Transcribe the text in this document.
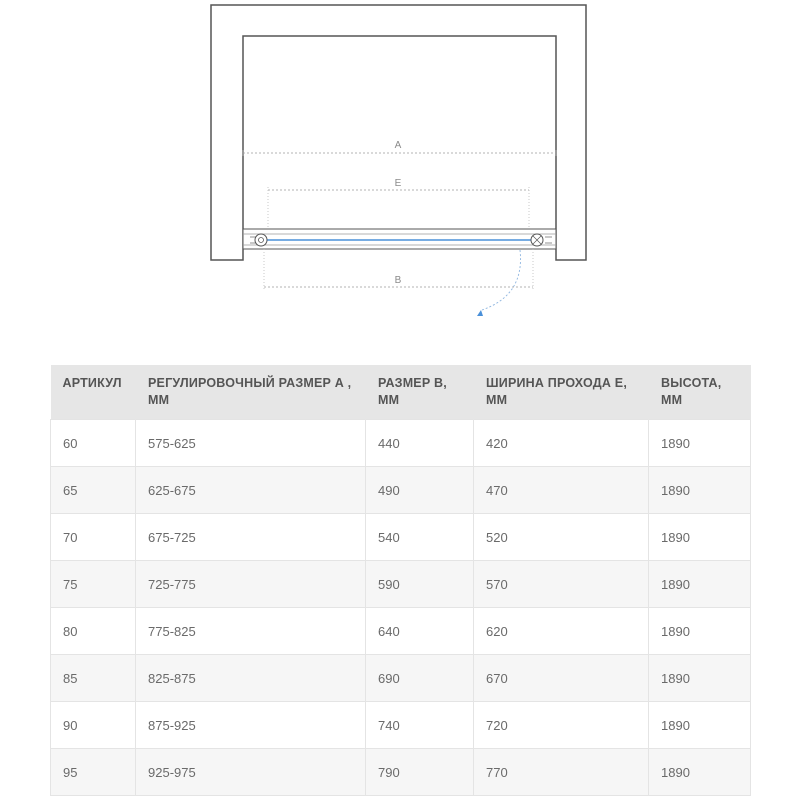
A
E
B
АРТИКУЛ	РЕГУЛИРОВОЧНЫЙ РАЗМЕР А , ММ	РАЗМЕР В, ММ	ШИРИНА ПРОХОДА Е, ММ	ВЫСОТА, ММ
60	575-625	440	420	1890
65	625-675	490	470	1890
70	675-725	540	520	1890
75	725-775	590	570	1890
80	775-825	640	620	1890
85	825-875	690	670	1890
90	875-925	740	720	1890
95	925-975	790	770	1890
